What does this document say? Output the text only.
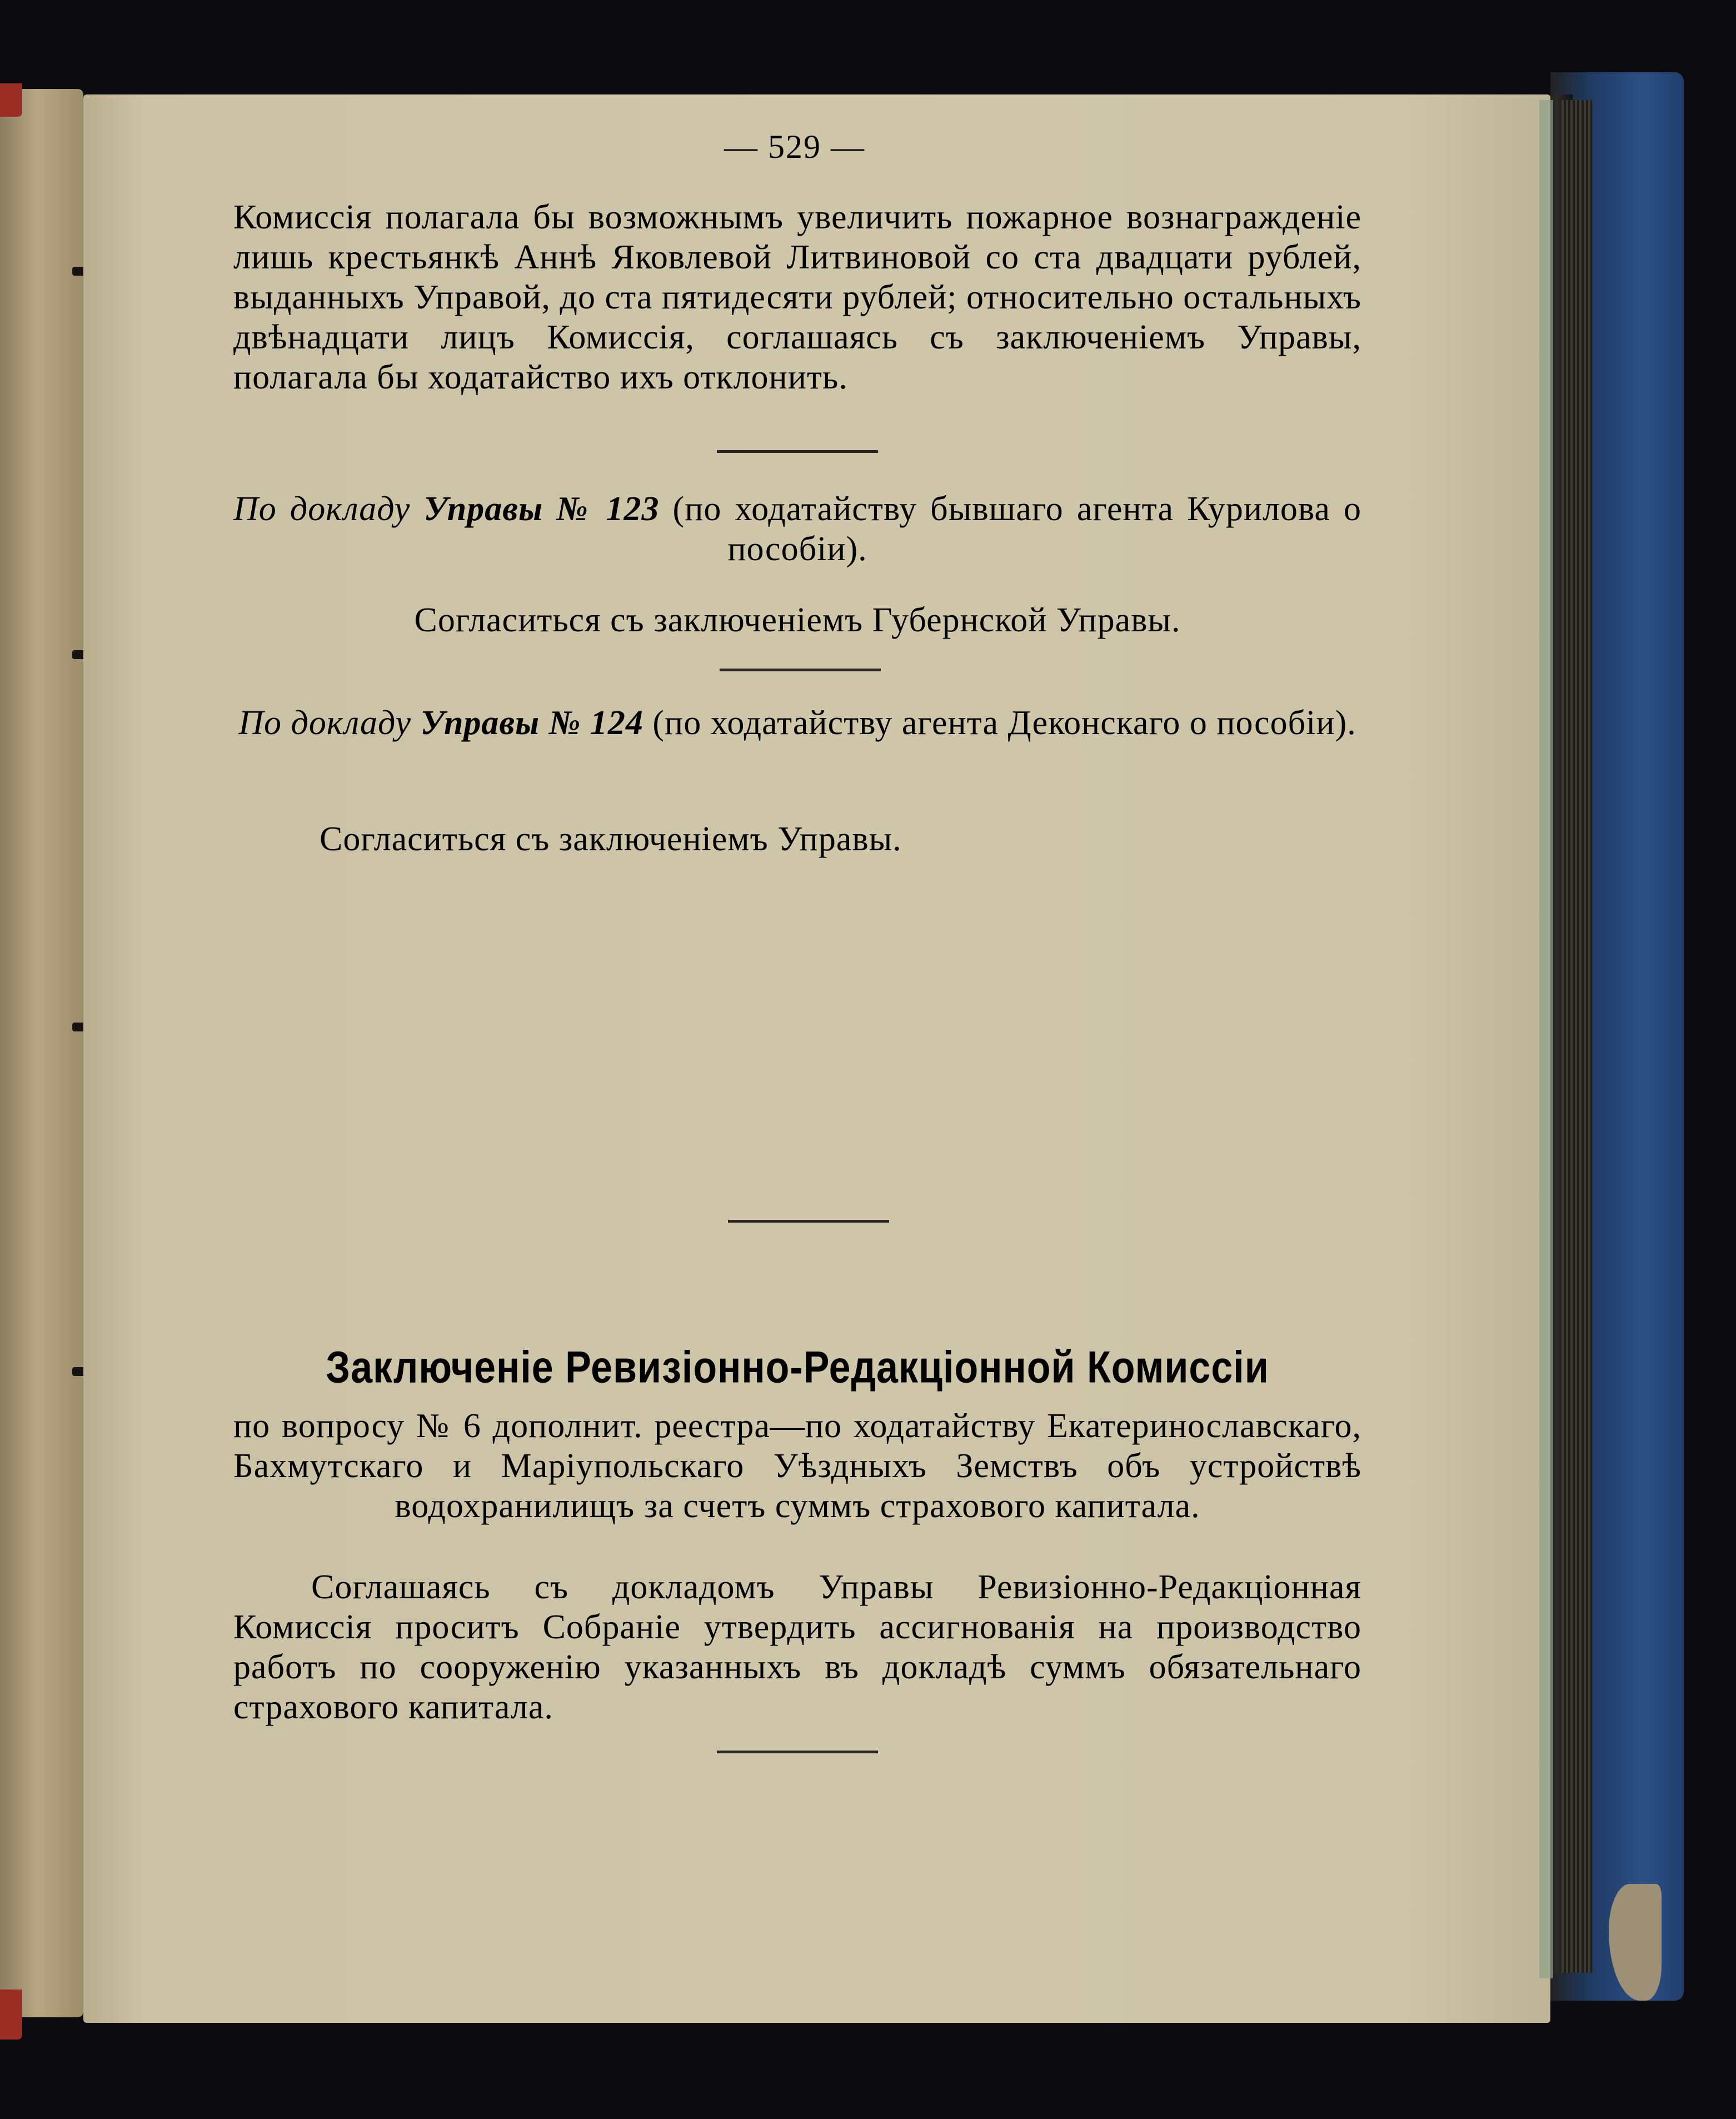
— 529 —

Комиссія полагала бы возможнымъ увеличить пожарное вознагражденіе лишь крестьянкѣ Аннѣ Яковлевой Литвиновой со ста двадцати рублей, выданныхъ Управой, до ста пятидесяти рублей; относительно остальныхъ двѣнадцати лицъ Комиссія, соглашаясь съ заключеніемъ Управы, полагала бы ходатайство ихъ отклонить.

По докладу Управы № 123 (по ходатайству бывшаго агента Курилова о пособіи).

Согласиться съ заключеніемъ Губернской Управы.

По докладу Управы № 124 (по ходатайству агента Деконскаго о пособіи).

Согласиться съ заключеніемъ Управы.
Заключеніе Ревизіонно-Редакціонной Комиссіи

по вопросу № 6 дополнит. реестра—по ходатайству Екатеринославскаго, Бахмутскаго и Маріупольскаго Уѣздныхъ Земствъ объ устройствѣ водохранилищъ за счетъ суммъ страхового капитала.

Соглашаясь съ докладомъ Управы Ревизіонно-Редакціонная Комиссія проситъ Собраніе утвердить ассигнованія на производство работъ по сооруженію указанныхъ въ докладѣ суммъ обязательнаго страхового капитала.
